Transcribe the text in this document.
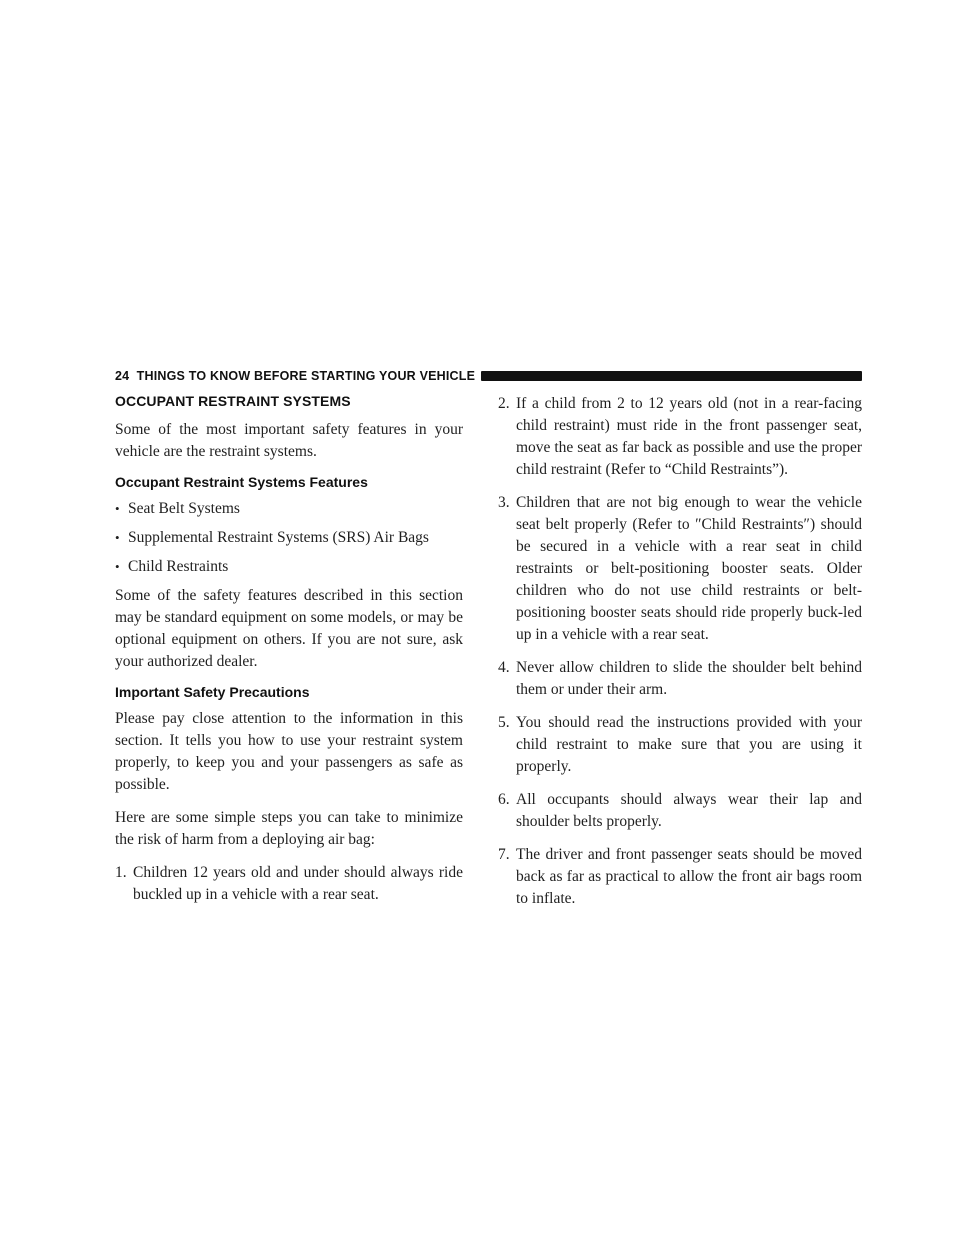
24 THINGS TO KNOW BEFORE STARTING YOUR VEHICLE
OCCUPANT RESTRAINT SYSTEMS

Some of the most important safety features in your vehicle are the restraint systems.

Occupant Restraint Systems Features
• Seat Belt Systems
• Supplemental Restraint Systems (SRS) Air Bags
• Child Restraints

Some of the safety features described in this section may be standard equipment on some models, or may be optional equipment on others. If you are not sure, ask your authorized dealer.

Important Safety Precautions

Please pay close attention to the information in this section. It tells you how to use your restraint system properly, to keep you and your passengers as safe as possible.

Here are some simple steps you can take to minimize the risk of harm from a deploying air bag:

1. Children 12 years old and under should always ride buckled up in a vehicle with a rear seat.
2. If a child from 2 to 12 years old (not in a rear-facing child restraint) must ride in the front passenger seat, move the seat as far back as possible and use the proper child restraint (Refer to “Child Restraints”).
3. Children that are not big enough to wear the vehicle seat belt properly (Refer to ″Child Restraints″) should be secured in a vehicle with a rear seat in child restraints or belt-positioning booster seats. Older children who do not use child restraints or belt-positioning booster seats should ride properly buck-led up in a vehicle with a rear seat.
4. Never allow children to slide the shoulder belt behind them or under their arm.
5. You should read the instructions provided with your child restraint to make sure that you are using it properly.
6. All occupants should always wear their lap and shoulder belts properly.
7. The driver and front passenger seats should be moved back as far as practical to allow the front air bags room to inflate.
